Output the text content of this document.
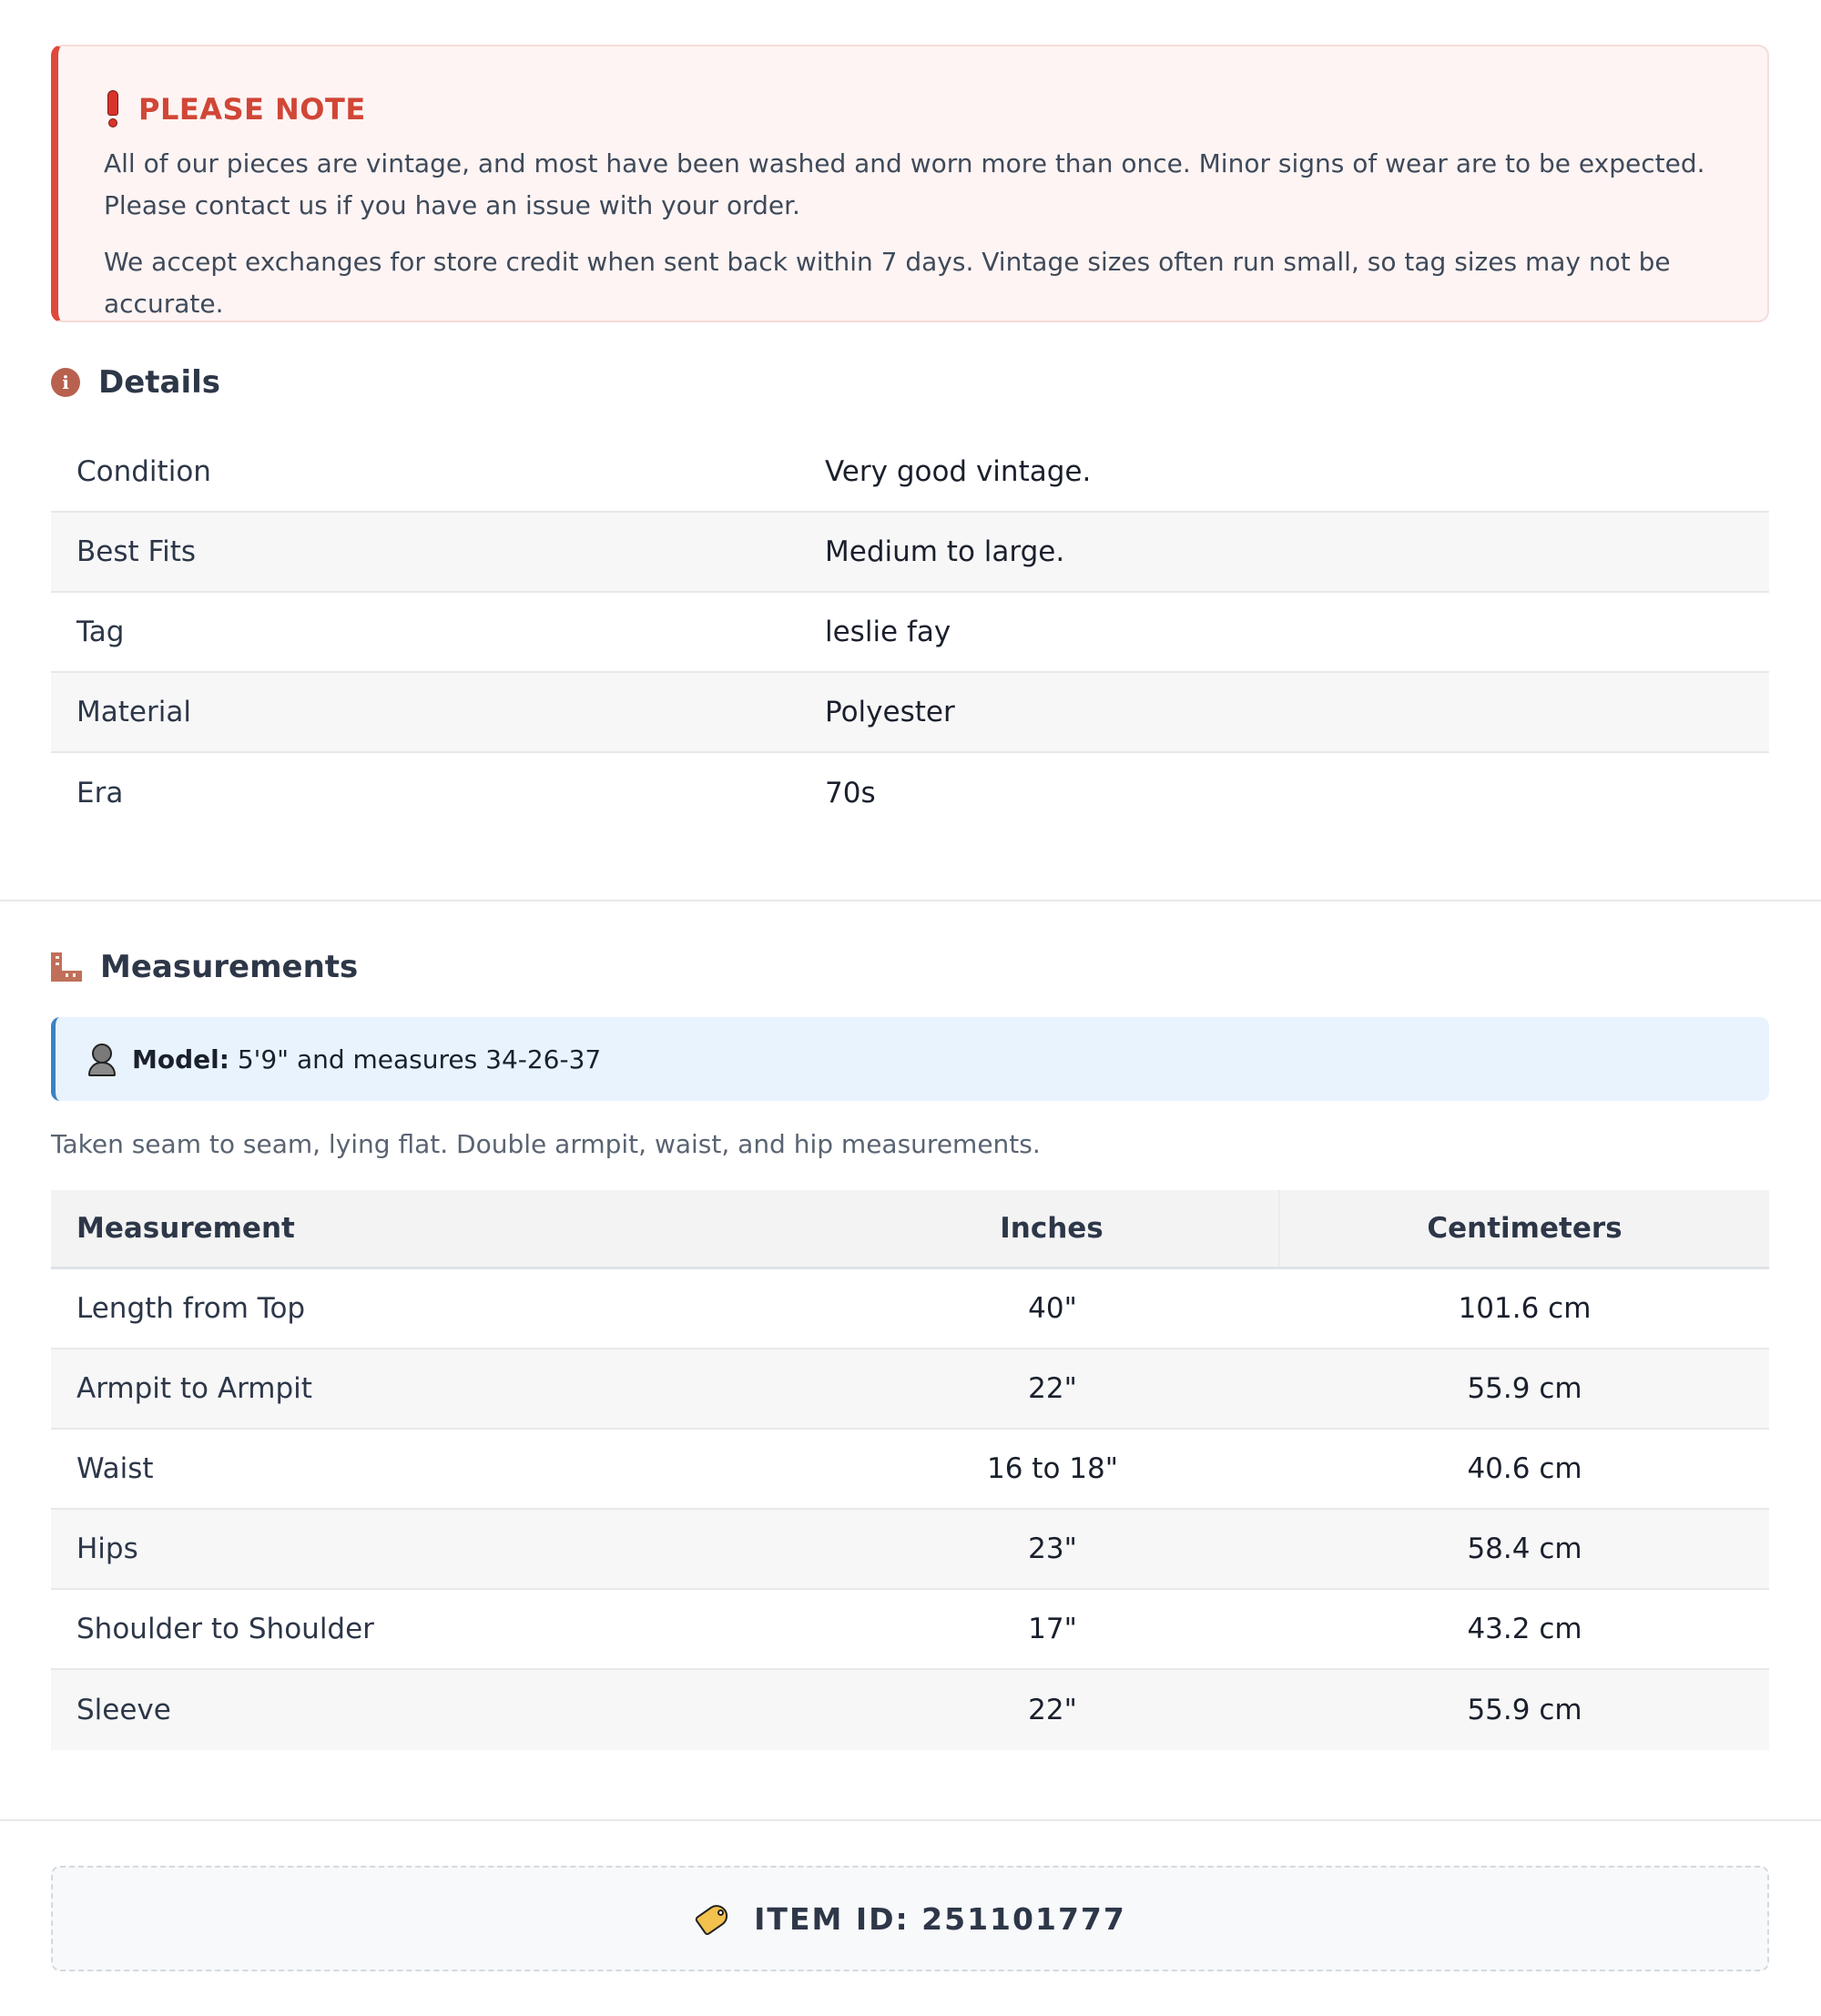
PLEASE NOTE

All of our pieces are vintage, and most have been washed and worn more than once. Minor signs of wear are to be expected. Please contact us if you have an issue with your order.

We accept exchanges for store credit when sent back within 7 days. Vintage sizes often run small, so tag sizes may not be accurate.

i Details
Condition	Very good vintage.
Best Fits	Medium to large.
Tag	leslie fay
Material	Polyester
Era	70s
Measurements
Model: 5'9" and measures 34-26-37
Taken seam to seam, lying flat. Double armpit, waist, and hip measurements.
Measurement	Inches	Centimeters
Length from Top	40"	101.6 cm
Armpit to Armpit	22"	55.9 cm
Waist	16 to 18"	40.6 cm
Hips	23"	58.4 cm
Shoulder to Shoulder	17"	43.2 cm
Sleeve	22"	55.9 cm
ITEM ID: 251101777
